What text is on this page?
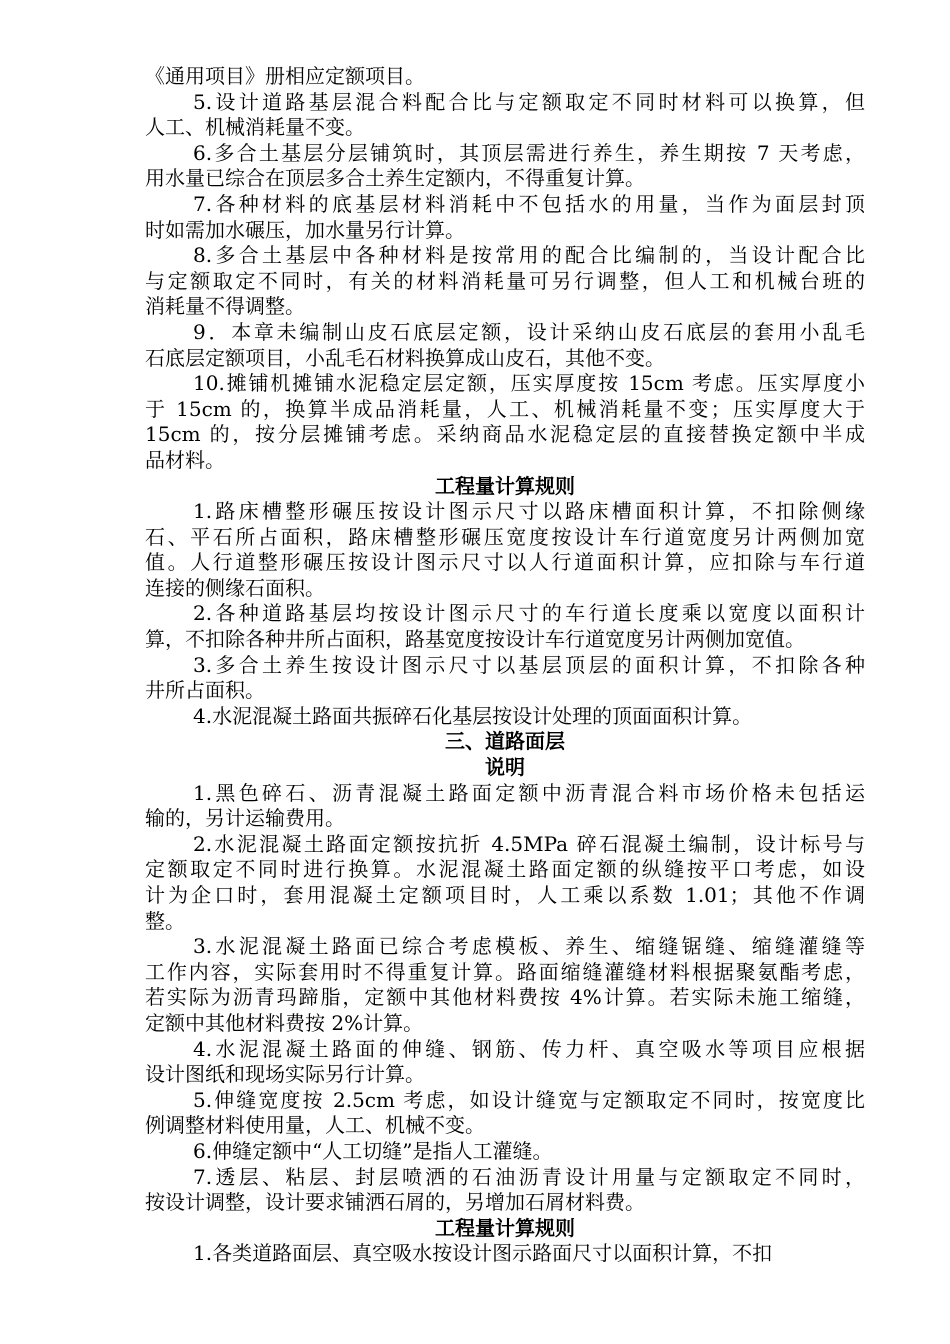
《通用项目》册相应定额项目。

5.设计道路基层混合料配合比与定额取定不同时材料可以换算，但

人工、机械消耗量不变。

6.多合土基层分层铺筑时，其顶层需进行养生，养生期按 7 天考虑，

用水量已综合在顶层多合土养生定额内，不得重复计算。

7.各种材料的底基层材料消耗中不包括水的用量，当作为面层封顶

时如需加水碾压，加水量另行计算。

8.多合土基层中各种材料是按常用的配合比编制的，当设计配合比

与定额取定不同时，有关的材料消耗量可另行调整，但人工和机械台班的

消耗量不得调整。

9．本章未编制山皮石底层定额，设计采纳山皮石底层的套用小乱毛

石底层定额项目，小乱毛石材料换算成山皮石，其他不变。

10.摊铺机摊铺水泥稳定层定额，压实厚度按 15cm 考虑。压实厚度小

于 15cm 的，换算半成品消耗量，人工、机械消耗量不变；压实厚度大于

15cm 的，按分层摊铺考虑。采纳商品水泥稳定层的直接替换定额中半成

品材料。

工程量计算规则

1.路床槽整形碾压按设计图示尺寸以路床槽面积计算，不扣除侧缘

石、平石所占面积，路床槽整形碾压宽度按设计车行道宽度另计两侧加宽

值。人行道整形碾压按设计图示尺寸以人行道面积计算，应扣除与车行道

连接的侧缘石面积。

2.各种道路基层均按设计图示尺寸的车行道长度乘以宽度以面积计

算，不扣除各种井所占面积，路基宽度按设计车行道宽度另计两侧加宽值。

3.多合土养生按设计图示尺寸以基层顶层的面积计算，不扣除各种

井所占面积。

4.水泥混凝土路面共振碎石化基层按设计处理的顶面面积计算。

三、道路面层
说明

1.黑色碎石、沥青混凝土路面定额中沥青混合料市场价格未包括运

输的，另计运输费用。

2.水泥混凝土路面定额按抗折 4.5MPa 碎石混凝土编制，设计标号与

定额取定不同时进行换算。水泥混凝土路面定额的纵缝按平口考虑，如设

计为企口时，套用混凝土定额项目时，人工乘以系数 1.01；其他不作调

整。

3.水泥混凝土路面已综合考虑模板、养生、缩缝锯缝、缩缝灌缝等

工作内容，实际套用时不得重复计算。路面缩缝灌缝材料根据聚氨酯考虑，

若实际为沥青玛蹄脂，定额中其他材料费按 4%计算。若实际未施工缩缝，

定额中其他材料费按 2%计算。

4.水泥混凝土路面的伸缝、钢筋、传力杆、真空吸水等项目应根据

设计图纸和现场实际另行计算。

5.伸缝宽度按 2.5cm 考虑，如设计缝宽与定额取定不同时，按宽度比

例调整材料使用量，人工、机械不变。

6.伸缝定额中“人工切缝”是指人工灌缝。

7.透层、粘层、封层喷洒的石油沥青设计用量与定额取定不同时，

按设计调整，设计要求铺洒石屑的，另增加石屑材料费。

工程量计算规则

1.各类道路面层、真空吸水按设计图示路面尺寸以面积计算，不扣
